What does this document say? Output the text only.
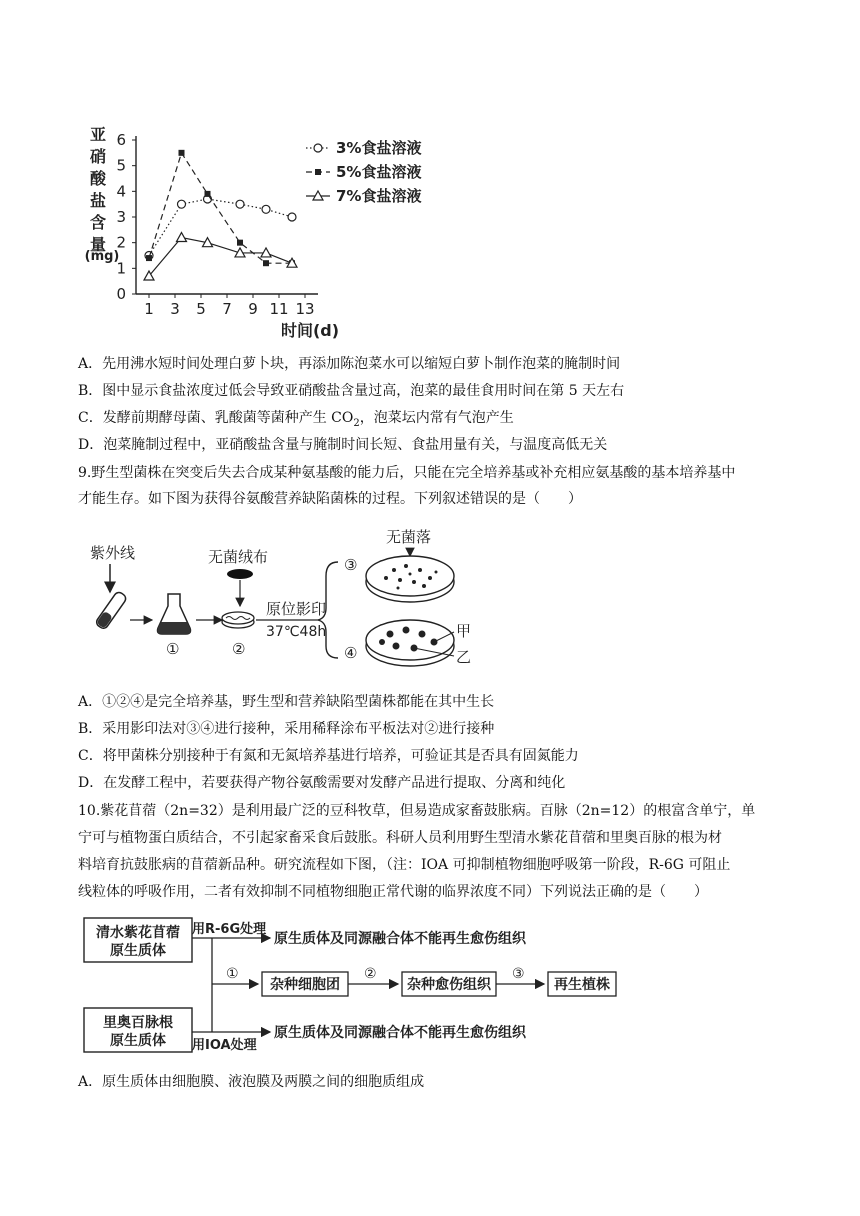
亚
硝
酸
盐
含
量
(mg)
0
1
2
3
4
5
6
1 3 5 7 9 11 13
时间(d)
3%食盐溶液
5%食盐溶液
7%食盐溶液
A．先用沸水短时间处理白萝卜块，再添加陈泡菜水可以缩短白萝卜制作泡菜的腌制时间
B．图中显示食盐浓度过低会导致亚硝酸盐含量过高，泡菜的最佳食用时间在第 5 天左右
C．发酵前期酵母菌、乳酸菌等菌种产生 $CO_2$，泡菜坛内常有气泡产生
D．泡菜腌制过程中，亚硝酸盐含量与腌制时间长短、食盐用量有关，与温度高低无关
9.野生型菌株在突变后失去合成某种氨基酸的能力后，只能在完全培养基或补充相应氨基酸的基本培养基中
才能生存。如下图为获得谷氨酸营养缺陷菌株的过程。下列叙述错误的是（　　）
紫外线
①
无菌绒布
②
原位影印
37℃48h
③
无菌落
④
甲
乙
A．①②④是完全培养基，野生型和营养缺陷型菌株都能在其中生长
B．采用影印法对③④进行接种，采用稀释涂布平板法对②进行接种
C．将甲菌株分别接种于有氮和无氮培养基进行培养，可验证其是否具有固氮能力
D．在发酵工程中，若要获得产物谷氨酸需要对发酵产品进行提取、分离和纯化
10.紫花苜蓿（2n=32）是利用最广泛的豆科牧草，但易造成家畜鼓胀病。百脉（2n=12）的根富含单宁，单
宁可与植物蛋白质结合，不引起家畜采食后鼓胀。科研人员利用野生型清水紫花苜蓿和里奥百脉的根为材
料培育抗鼓胀病的苜蓿新品种。研究流程如下图，（注：IOA 可抑制植物细胞呼吸第一阶段，R-6G 可阻止
线粒体的呼吸作用，二者有效抑制不同植物细胞正常代谢的临界浓度不同）下列说法正确的是（　　）
清水紫花苜蓿
原生质体
里奥百脉根
原生质体
用R-6G处理
原生质体及同源融合体不能再生愈伤组织
用IOA处理
原生质体及同源融合体不能再生愈伤组织
①
杂种细胞团
②
杂种愈伤组织
③
再生植株
A．原生质体由细胞膜、液泡膜及两膜之间的细胞质组成
